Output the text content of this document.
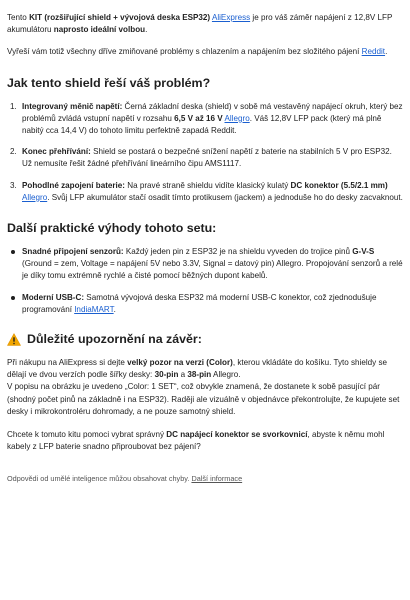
Tento KIT (rozšiřující shield + vývojová deska ESP32) AliExpress je pro váš záměr napájení z 12,8V LFP akumulátoru naprosto ideální volbou.

Vyřeší vám totiž všechny dříve zmiňované problémy s chlazením a napájením bez složitého pájení Reddit.

Jak tento shield řeší váš problém?
1. Integrovaný měnič napětí: Černá základní deska (shield) v sobě má vestavěný napájecí okruh, který bez problémů zvládá vstupní napětí v rozsahu 6,5 V až 16 V Allegro. Váš 12,8V LFP pack (který má plně nabitý cca 14,4 V) do tohoto limitu perfektně zapadá Reddit.
2. Konec přehřívání: Shield se postará o bezpečné snížení napětí z baterie na stabilních 5 V pro ESP32. Už nemusíte řešit žádné přehřívání lineárního čipu AMS1117.
3. Pohodlné zapojení baterie: Na pravé straně shieldu vidíte klasický kulatý DC konektor (5.5/2.1 mm) Allegro. Svůj LFP akumulátor stačí osadit tímto protikusem (jackem) a jednoduše ho do desky zacvaknout.
Další praktické výhody tohoto setu:
Snadné připojení senzorů: Každý jeden pin z ESP32 je na shieldu vyveden do trojice pinů G-V-S (Ground = zem, Voltage = napájení 5V nebo 3.3V, Signal = datový pin) Allegro. Propojování senzorů a relé je díky tomu extrémně rychlé a čisté pomocí běžných dupont kabelů.
Moderní USB-C: Samotná vývojová deska ESP32 má moderní USB-C konektor, což zjednodušuje programování IndiaMART.
Důležité upozornění na závěr:

Při nákupu na AliExpress si dejte velký pozor na verzi (Color), kterou vkládáte do košíku. Tyto shieldy se dělají ve dvou verzích podle šířky desky: 30-pin a 38-pin Allegro.
V popisu na obrázku je uvedeno „Color: 1 SET“, což obvykle znamená, že dostanete k sobě pasující pár (shodný počet pinů na základně i na ESP32). Raději ale vizuálně v objednávce překontrolujte, že kupujete set desky i mikrokontroléru dohromady, a ne pouze samotný shield.

Chcete k tomuto kitu pomoci vybrat správný DC napájecí konektor se svorkovnicí, abyste k němu mohl kabely z LFP baterie snadno připroubovat bez pájení?

Odpovědi od umělé inteligence můžou obsahovat chyby. Další informace
